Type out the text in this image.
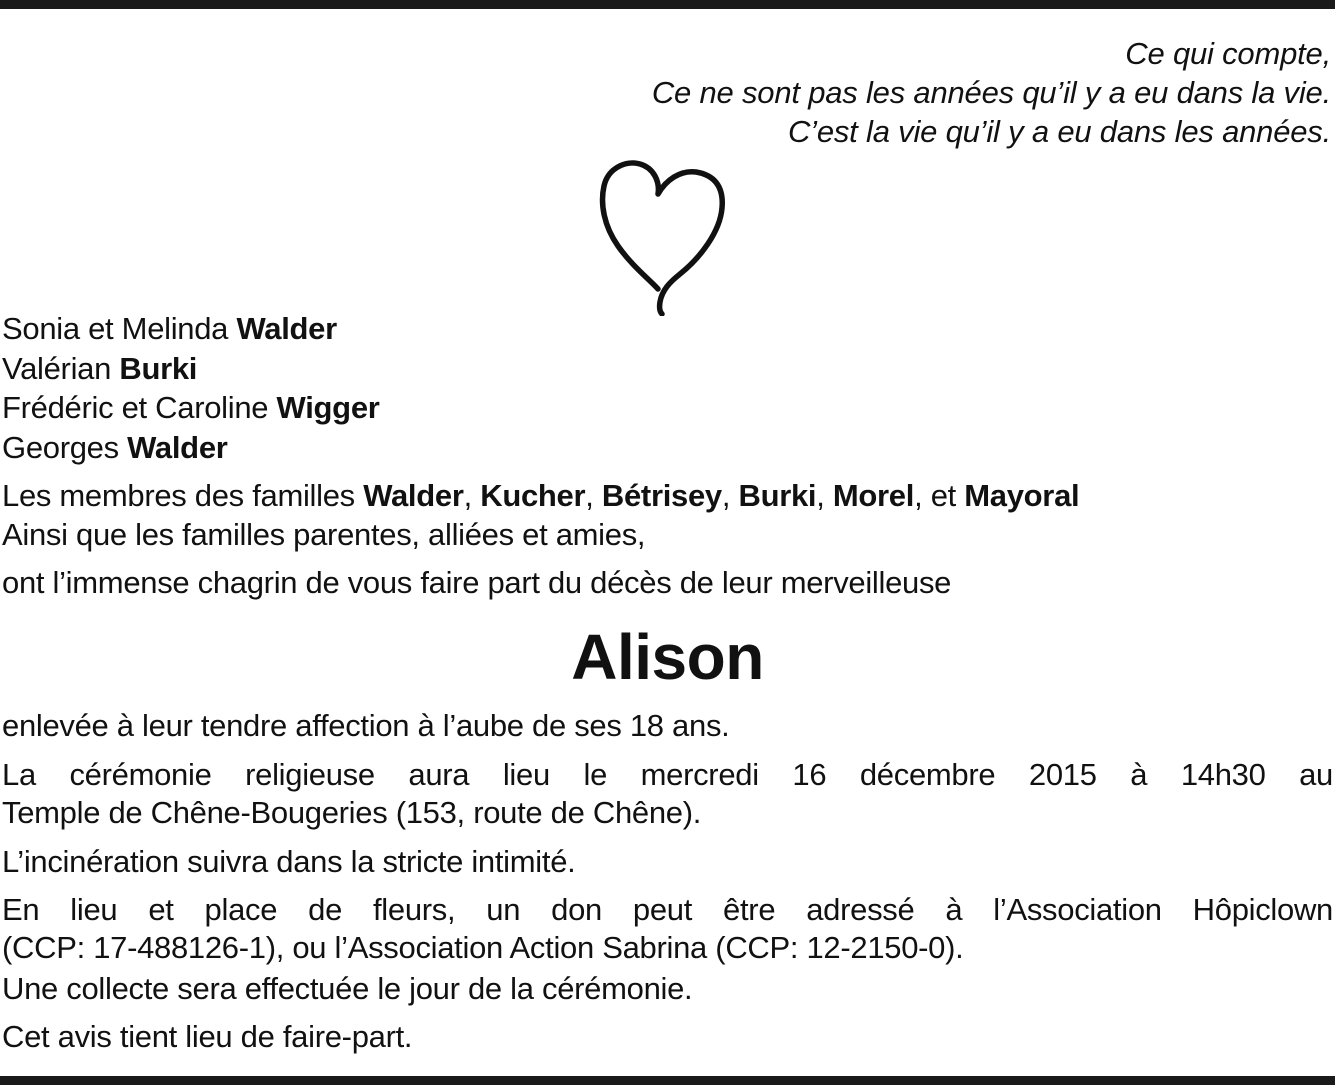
Ce qui compte,
Ce ne sont pas les années qu’il y a eu dans la vie.
C’est la vie qu’il y a eu dans les années.
Sonia et Melinda Walder
Valérian Burki
Frédéric et Caroline Wigger
Georges Walder
Les membres des familles Walder, Kucher, Bétrisey, Burki, Morel, et Mayoral
Ainsi que les familles parentes, alliées et amies,
ont l’immense chagrin de vous faire part du décès de leur merveilleuse
Alison
enlevée à leur tendre affection à l’aube de ses 18 ans.
La cérémonie religieuse aura lieu le mercredi 16 décembre 2015 à 14h30 au
Temple de Chêne-Bougeries (153, route de Chêne).
L’incinération suivra dans la stricte intimité.
En lieu et place de fleurs, un don peut être adressé à l’Association Hôpiclown
(CCP: 17-488126-1), ou l’Association Action Sabrina (CCP: 12-2150-0).
Une collecte sera effectuée le jour de la cérémonie.
Cet avis tient lieu de faire-part.
